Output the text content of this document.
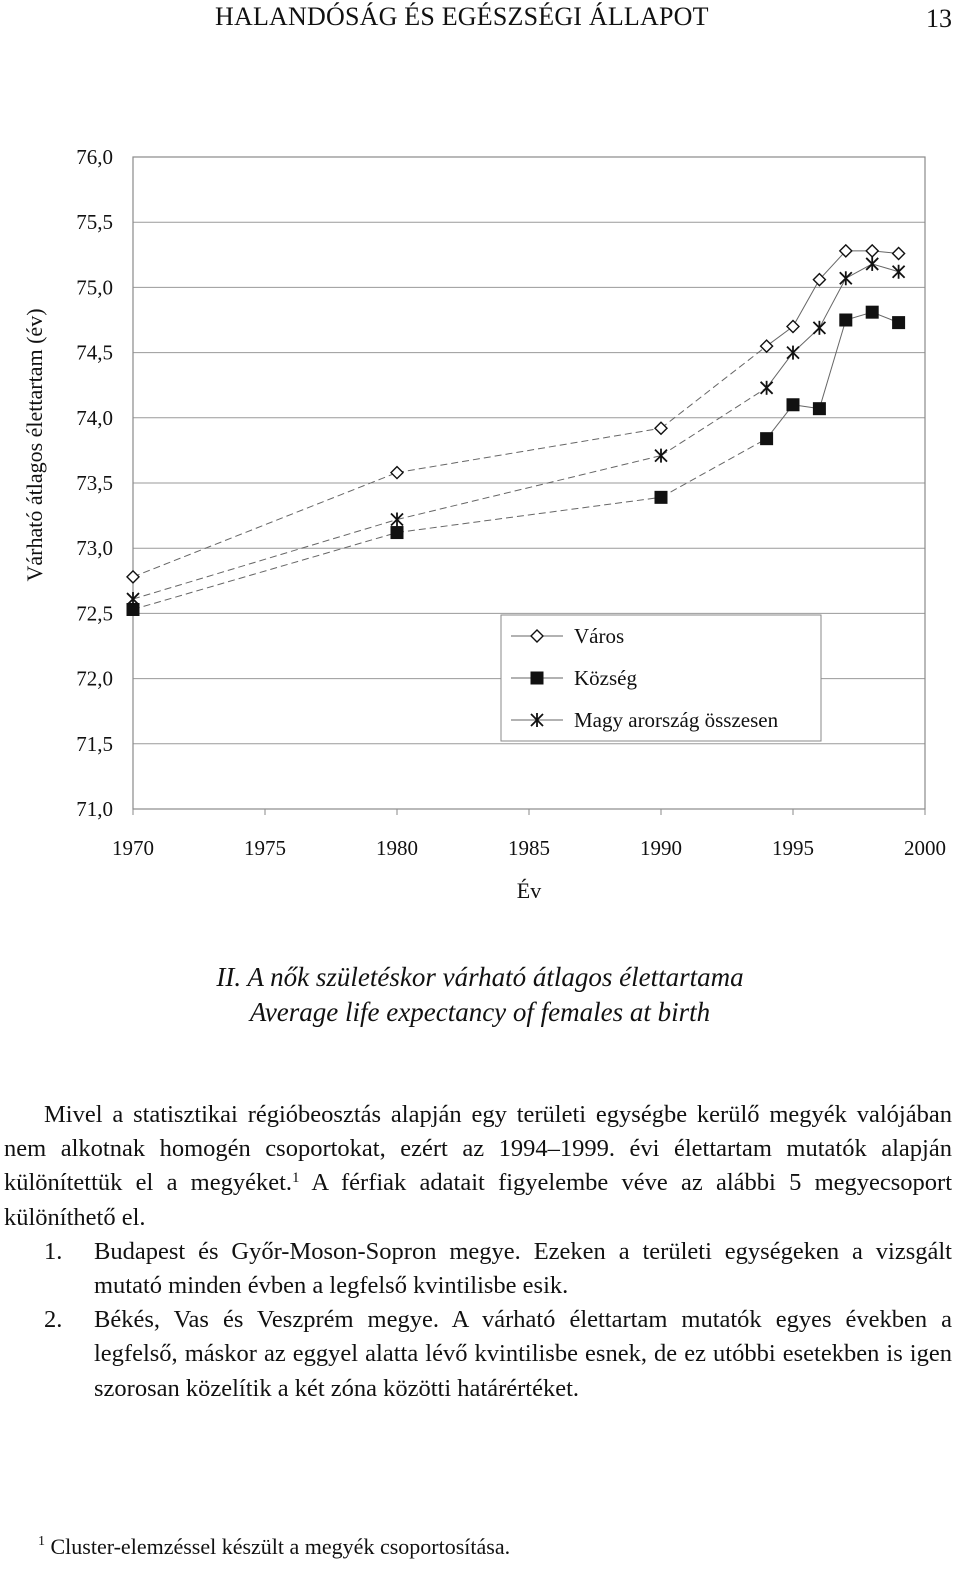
HALANDÓSÁG ÉS EGÉSZSÉGI ÁLLAPOT	13
71,0
71,5
72,0
72,5
73,0
73,5
74,0
74,5
75,0
75,5
76,0
1970	1975	1980	1985	1990	1995	2000
Várható átlagos élettartam (év)
Év
Város
Község
Magy arország összesen
II. A nők születéskor várható átlagos élettartama
Average life expectancy of females at birth

Mivel a statisztikai régióbeosztás alapján egy területi egységbe kerülő megyék valójában nem alkotnak homogén csoportokat, ezért az 1994–1999. évi élettartam mutatók alapján különítettük el a megyéket.$^1$ A férfiak adatait figyelembe véve az alábbi 5 megyecsoport különíthető el.

1. Budapest és Győr-Moson-Sopron megye. Ezeken a területi egységeken a vizsgált mutató minden évben a legfelső kvintilisbe esik.

2. Békés, Vas és Veszprém megye. A várható élettartam mutatók egyes években a legfelső, máskor az eggyel alatta lévő kvintilisbe esnek, de ez utóbbi esetekben is igen szorosan közelítik a két zóna közötti határértéket.

$^1$ Cluster-elemzéssel készült a megyék csoportosítása.
